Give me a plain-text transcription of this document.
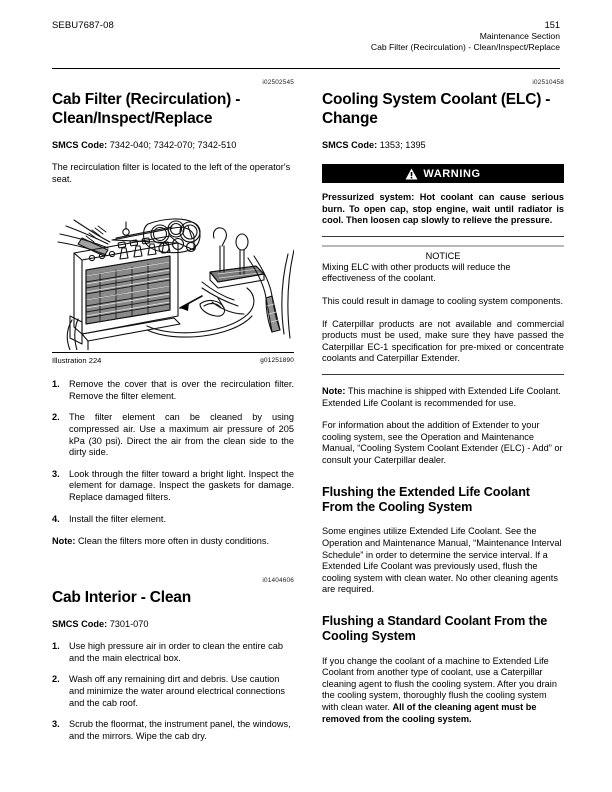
SEBU7687-08	151
Maintenance Section
Cab Filter (Recirculation) - Clean/Inspect/Replace
i02502545
Cab Filter (Recirculation) - Clean/Inspect/Replace
SMCS Code: 7342-040; 7342-070; 7342-510

The recirculation filter is located to the left of the operator's seat.

Illustration 224	g01251890
1. Remove the cover that is over the recirculation filter. Remove the filter element.
2. The filter element can be cleaned by using compressed air. Use a maximum air pressure of 205 kPa (30 psi). Direct the air from the clean side to the dirty side.
3. Look through the filter toward a bright light. Inspect the element for damage. Inspect the gaskets for damage. Replace damaged filters.
4. Install the filter element.
Note: Clean the filters more often in dusty conditions.
i01404606
Cab Interior - Clean
SMCS Code: 7301-070
1. Use high pressure air in order to clean the entire cab and the main electrical box.
2. Wash off any remaining dirt and debris. Use caution and minimize the water around electrical connections and the cab roof.
3. Scrub the floormat, the instrument panel, the windows, and the mirrors. Wipe the cab dry.
i02510458
Cooling System Coolant (ELC) - Change
SMCS Code: 1353; 1395
WARNING

Pressurized system: Hot coolant can cause serious burn. To open cap, stop engine, wait until radiator is cool. Then loosen cap slowly to relieve the pressure.

NOTICE

Mixing ELC with other products will reduce the effectiveness of the coolant.

This could result in damage to cooling system components.

If Caterpillar products are not available and commercial products must be used, make sure they have passed the Caterpillar EC-1 specification for pre-mixed or concentrate coolants and Caterpillar Extender.

Note: This machine is shipped with Extended Life Coolant. Extended Life Coolant is recommended for use.

For information about the addition of Extender to your cooling system, see the Operation and Maintenance Manual, “Cooling System Coolant Extender (ELC) - Add” or consult your Caterpillar dealer.

Flushing the Extended Life Coolant From the Cooling System

Some engines utilize Extended Life Coolant. See the Operation and Maintenance Manual, “Maintenance Interval Schedule” in order to determine the service interval. If a Extended Life Coolant was previously used, flush the cooling system with clean water. No other cleaning agents are required.

Flushing a Standard Coolant From the Cooling System

If you change the coolant of a machine to Extended Life Coolant from another type of coolant, use a Caterpillar cleaning agent to flush the cooling system. After you drain the cooling system, thoroughly flush the cooling system with clean water. All of the cleaning agent must be removed from the cooling system.
